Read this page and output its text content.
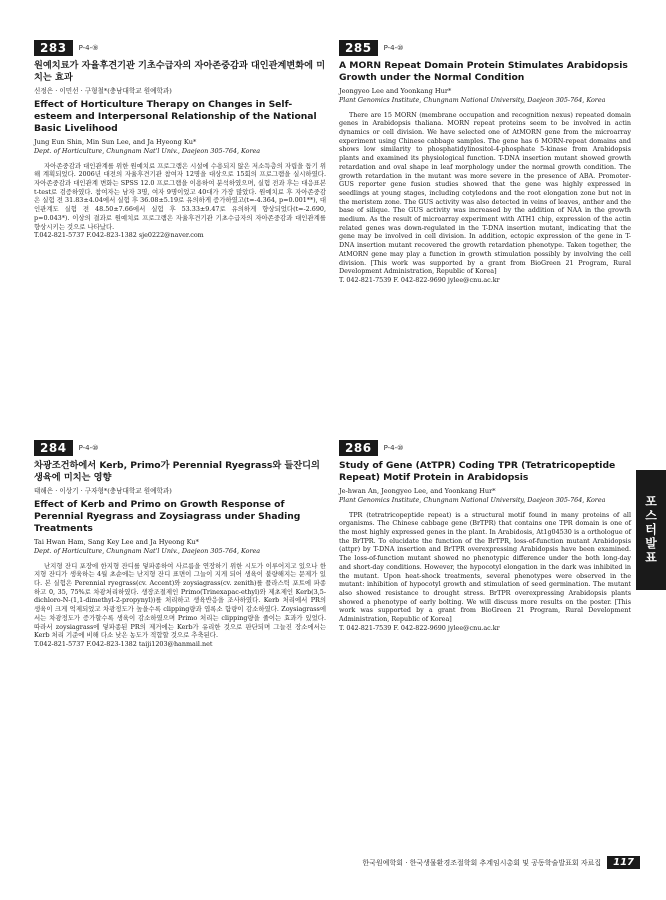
283	P-4-⑨

원예치료가 자율후견기관 기초수급자의 자아존중감과 대인관계변화에 미치는 효과

신정은 · 이민선 · 구형철*(충남대학교 원예학과)

Effect of Horticulture Therapy on Changes in Self-esteem and Interpersonal Relationship of the National Basic Livelihood

Jung Eun Shin, Min Sun Lee, and Ja Hyeong Ku*

Dept. of Horticulture, Chungnam Nat'l Univ., Daejeon 305-764, Korea

자아존중감과 대인관계를 위한 원예치료 프로그램은 시설에 수용되지 않은 저소득층의 자립을 돕기 위해 계획되었다. 2006년 대전의 자율후견기관 참여자 12명을 대상으로 15회의 프로그램을 실시하였다. 자아존중감과 대인관계 변화는 SPSS 12.0 프로그램을 이용하여 분석하였으며, 실험 전과 후는 대응표본 t-test로 검증하였다. 참여자는 남자 3명, 여자 9명이었고 40대가 가장 많았다. 원예치료 후 자아존중감은 실험 전 31.83±4.04에서 실험 후 36.08±5.19로 유의하게 증가하였고(t=-4.364, p=0.001**), 대인관계도 실험 전 48.50±7.66에서 실험 후 53.33±9.47로 유의하게 향상되었다(t=-2.690, p=0.043*). 이상의 결과로 원예치료 프로그램은 자율후견기관 기초수급자의 자아존중감과 대인관계를 향상시키는 것으로 나타났다.

T.042-821-5737 F.042-823-1382 sje0222@naver.com

284	P-4-⑩

차광조건하에서 Kerb, Primo가 Perennial Ryegrass와 들잔디의 생육에 미치는 영향

태해은 · 이상기 · 구자형*(충남대학교 원예학과)

Effect of Kerb and Primo on Growth Response of Perennial Ryegrass and Zoysiagrass under Shading Treatments

Tai Hwan Ham, Sang Key Lee and Ja Hyeong Ku*

Dept. of Horticulture, Chungnam Nat'l Univ., Daejeon 305-764, Korea

난지형 잔디 포장에 한지형 잔디를 덯파종하여 사르름을 연장하기 위한 시도가 이루어지고 있으나 한지형 잔디가 생육하는 4월 초순에는 난지형 잔디 표면이 그늘이 지게 되어 생육이 불량해지는 문제가 있다. 본 실험은 Perennial ryegrass(cv. Accent)와 zoysiagrass(cv. zenith)를 플라스틱 포트에 파종하고 0, 35, 75%로 차광처리하였다. 생장조절제인 Primo(Trinexapac-ethyl)와 제초제인 Kerb(3,5-dichloro-N-(1,1-dimethyl-2-propynyl))를 처리하고 생육반응을 조사하였다. Kerb 처리에서 PR의 생육이 크게 억제되었고 차광정도가 높을수록 clipping량과 엽록소 함량이 감소하였다. Zoysiagrass에서는 차광정도가 증가할수록 생육이 감소하였으며 Primo 처리는 clipping량을 줄이는 효과가 있었다. 따라서 zoysiagrass에 덯파종된 PR의 제거에는 Kerb가 유리한 것으로 판단되며 그늘진 장소에서는 Kerb 처리 기준에 비해 다소 낮은 농도가 적합할 것으로 추축된다.

T.042-821-5737 F.042-823-1382 taiji1203@hanmail.net

285	P-4-⑩

A MORN Repeat Domain Protein Stimulates Arabidopsis Growth under the Normal Condition

Jeongyeo Lee and Yoonkang Hur*

Plant Genomics Institute, Chungnam National University, Daejeon 305-764, Korea

There are 15 MORN (membrane occupation and recognition nexus) repeated domain genes in Arabidopsis thaliana. MORN repeat proteins seem to be involved in actin dynamics or cell division. We have selected one of AtMORN gene from the microarray experiment using Chinese cabbage samples. The gene has 6 MORN-repeat domains and shows low similarity to phosphatidylinositol-4-phosphate 5-kinase from Arabidopsis plants and examined its physiological function. T-DNA insertion mutant showed growth retardation and oval shape in leaf morphology under the normal growth condition. The growth retardation in the mutant was more severe in the presence of ABA. Promoter-GUS reporter gene fusion studies showed that the gene was highly expressed in seedlings at young stages, including cotyledons and the root elongation zone but not in the meristem zone. The GUS activity was also detected in veins of leaves, anther and the base of silique. The GUS activity was increased by the addition of NAA in the growth medium. As the result of microarray experiment with ATH1 chip, expression of the actin related genes was down-regulated in the T-DNA insertion mutant, indicating that the gene may be involved in cell division. In addition, ectopic expression of the gene in T-DNA insertion mutant recovered the growth retardation phenotype. Taken together, the AtMORN gene may play a function in growth stimulation possibly by involving the cell division. [This work was supported by a grant from BioGreen 21 Program, Rural Development Administration, Republic of Korea]

T. 042-821-7539 F. 042-822-9690 jylee@cnu.ac.kr

286	P-4-⑩

Study of Gene (AtTPR) Coding TPR (Tetratricopeptide Repeat) Motif Protein in Arabidopsis

Je-hwan An, Jeongyeo Lee, and Yoonkang Hur*

Plant Genomics Institute, Chungnam National University, Daejeon 305-764, Korea

TPR (tetratricopeptide repeat) is a structural motif found in many proteins of all organisms. The Chinese cabbage gene (BrTPR) that contains one TPR domain is one of the most highly expressed genes in the plant. In Arabidosis, At1g04530 is a orthologue of the BrTPR. To elucidate the function of the BrTPR, loss-of-function mutant Arabidopsis (attpr) by T-DNA insertion and BrTPR overexpressing Arabidopsis have been examined. The loss-of-function mutant showed no phenotypic difference under the both long-day and short-day conditions. However, the hypocotyl elongation in the dark was inhibited in the mutant. Upon heat-shock treatments, several phenotypes were observed in the mutant: inhibition of hypocotyl growth and stimulation of seed germination. The mutant also showed resistance to drought stress. BrTPR overexpressing Arabidopsis plants showed a phenotype of early bolting. We will discuss more results on the poster. [This work was supported by a grant from BioGreen 21 Program, Rural Development Administration, Republic of Korea]

T. 042-821-7539 F. 042-822-9690 jylee@cnu.ac.kr

포스터발표
한국원예학회 · 한국생물환경조절학회 추계임시총회 및 공동학술발표회 자료집	117
